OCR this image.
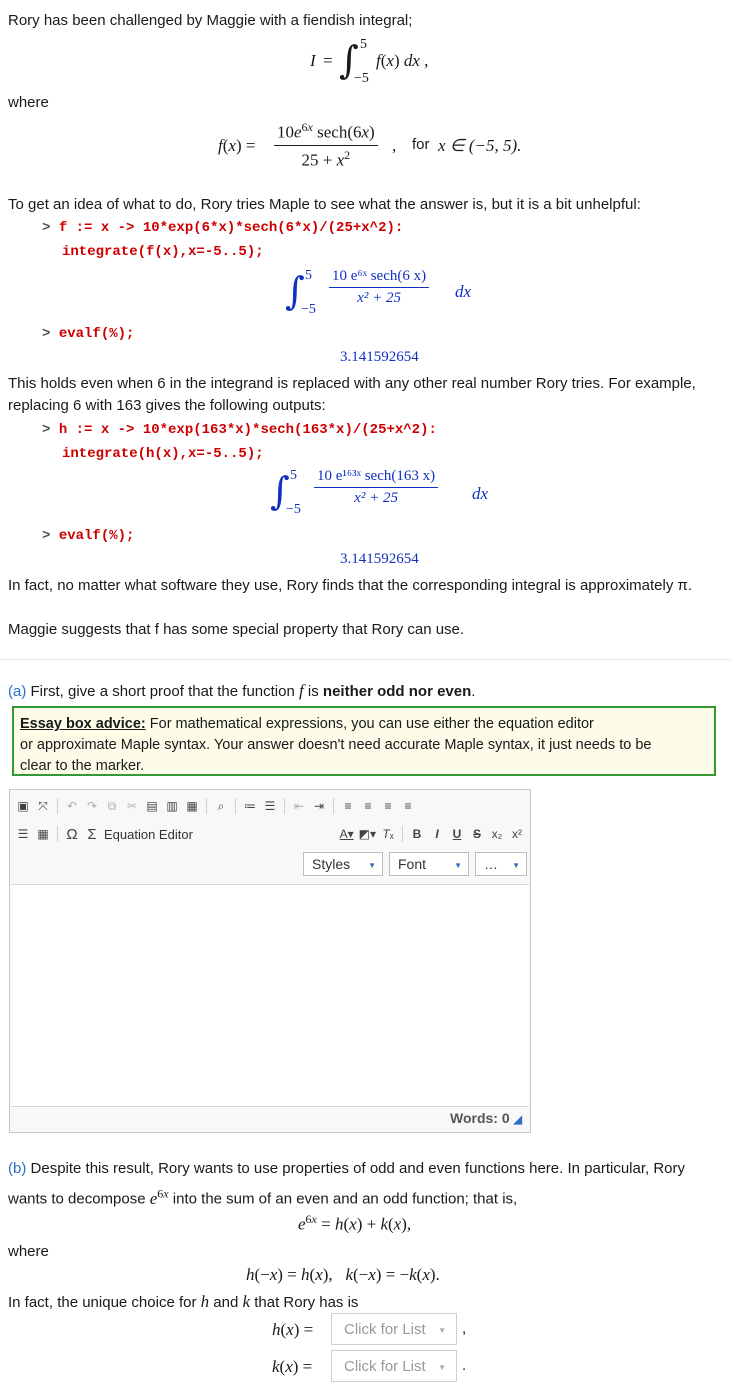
Rory has been challenged by Maggie with a fiendish integral;
I = ∫ 5
−5
f(x) dx ,
where
f(x) =
$10e^{6x}$ sech(6x)
$25 + x^2$	, for x ∈ (−5, 5).
To get an idea of what to do, Rory tries Maple to see what the answer is, but it is a bit unhelpful:
> f := x -> 10*exp(6*x)*sech(6*x)/(25+x^2):
integrate(f(x),x=-5..5);
∫ 5
−5
10 e⁶ˣ sech(6 x)
x² + 25	dx
> evalf(%);
3.141592654
This holds even when 6 in the integrand is replaced with any other real number Rory tries. For example,
replacing 6 with 163 gives the following outputs:
> h := x -> 10*exp(163*x)*sech(163*x)/(25+x^2):
integrate(h(x),x=-5..5);
∫ 5
−5
10 e¹⁶³ˣ sech(163 x)
x² + 25	dx
> evalf(%);
3.141592654
In fact, no matter what software they use, Rory finds that the corresponding integral is approximately π.
Maggie suggests that f has some special property that Rory can use.
(a) First, give a short proof that the function f is neither odd nor even.
Essay box advice: For mathematical expressions, you can use either the equation editor
or approximate Maple syntax. Your answer doesn't need accurate Maple syntax, it just needs to be
clear to the marker.
▣ ⤧	↶ ↷ ⧉ ✂ ▤ ▥ ▦	⌕	≔ ☰	⇤ ⇥	≡	≡	≡	≡
☰ ▦ Ω Σ Equation Editor	A▾ ◩▾ T ₓ	B	I	U S x₂ x²
Styles ▼ Font	▼ … ▼
Words: 0 ◢
(b) Despite this result, Rory wants to use properties of odd and even functions here. In particular, Rory
wants to decompose $e^{6x}$ into the sum of an even and an odd function; that is,
$e^{6x} = h(x) + k(x)$,
where
h(−x) = h(x),   k(−x) = −k(x).
In fact, the unique choice for h and k that Rory has is
h(x) = Click for List ▼ ,
k(x) = Click for List ▼ .
